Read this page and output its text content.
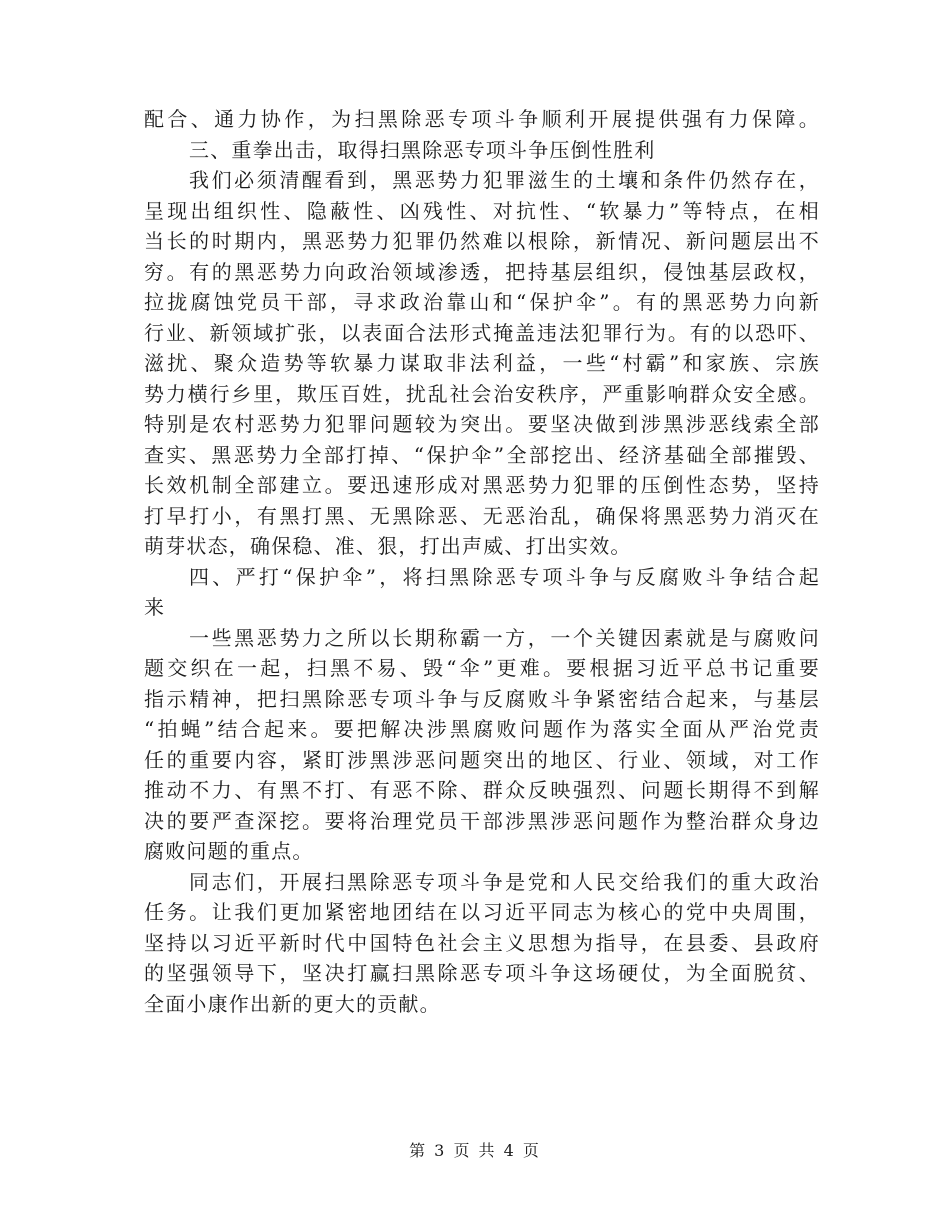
配合、通力协作，为扫黑除恶专项斗争顺利开展提供强有力保障。
三、重拳出击，取得扫黑除恶专项斗争压倒性胜利
我们必须清醒看到，黑恶势力犯罪滋生的土壤和条件仍然存在，
呈现出组织性、隐蔽性、凶残性、对抗性、“软暴力”等特点，在相
当长的时期内，黑恶势力犯罪仍然难以根除，新情况、新问题层出不
穷。有的黑恶势力向政治领域渗透，把持基层组织，侵蚀基层政权，
拉拢腐蚀党员干部，寻求政治靠山和“保护伞”。有的黑恶势力向新
行业、新领域扩张，以表面合法形式掩盖违法犯罪行为。有的以恐吓、
滋扰、聚众造势等软暴力谋取非法利益，一些“村霸”和家族、宗族
势力横行乡里，欺压百姓，扰乱社会治安秩序，严重影响群众安全感。
特别是农村恶势力犯罪问题较为突出。要坚决做到涉黑涉恶线索全部
查实、黑恶势力全部打掉、“保护伞”全部挖出、经济基础全部摧毁、
长效机制全部建立。要迅速形成对黑恶势力犯罪的压倒性态势，坚持
打早打小，有黑打黑、无黑除恶、无恶治乱，确保将黑恶势力消灭在
萌芽状态，确保稳、准、狠，打出声威、打出实效。
四、严打“保护伞”，将扫黑除恶专项斗争与反腐败斗争结合起
来
一些黑恶势力之所以长期称霸一方，一个关键因素就是与腐败问
题交织在一起，扫黑不易、毁“伞”更难。要根据习近平总书记重要
指示精神，把扫黑除恶专项斗争与反腐败斗争紧密结合起来，与基层
“拍蝇”结合起来。要把解决涉黑腐败问题作为落实全面从严治党责
任的重要内容，紧盯涉黑涉恶问题突出的地区、行业、领域，对工作
推动不力、有黑不打、有恶不除、群众反映强烈、问题长期得不到解
决的要严查深挖。要将治理党员干部涉黑涉恶问题作为整治群众身边
腐败问题的重点。
同志们，开展扫黑除恶专项斗争是党和人民交给我们的重大政治
任务。让我们更加紧密地团结在以习近平同志为核心的党中央周围，
坚持以习近平新时代中国特色社会主义思想为指导，在县委、县政府
的坚强领导下，坚决打赢扫黑除恶专项斗争这场硬仗，为全面脱贫、
全面小康作出新的更大的贡献。
第 3 页 共 4 页
